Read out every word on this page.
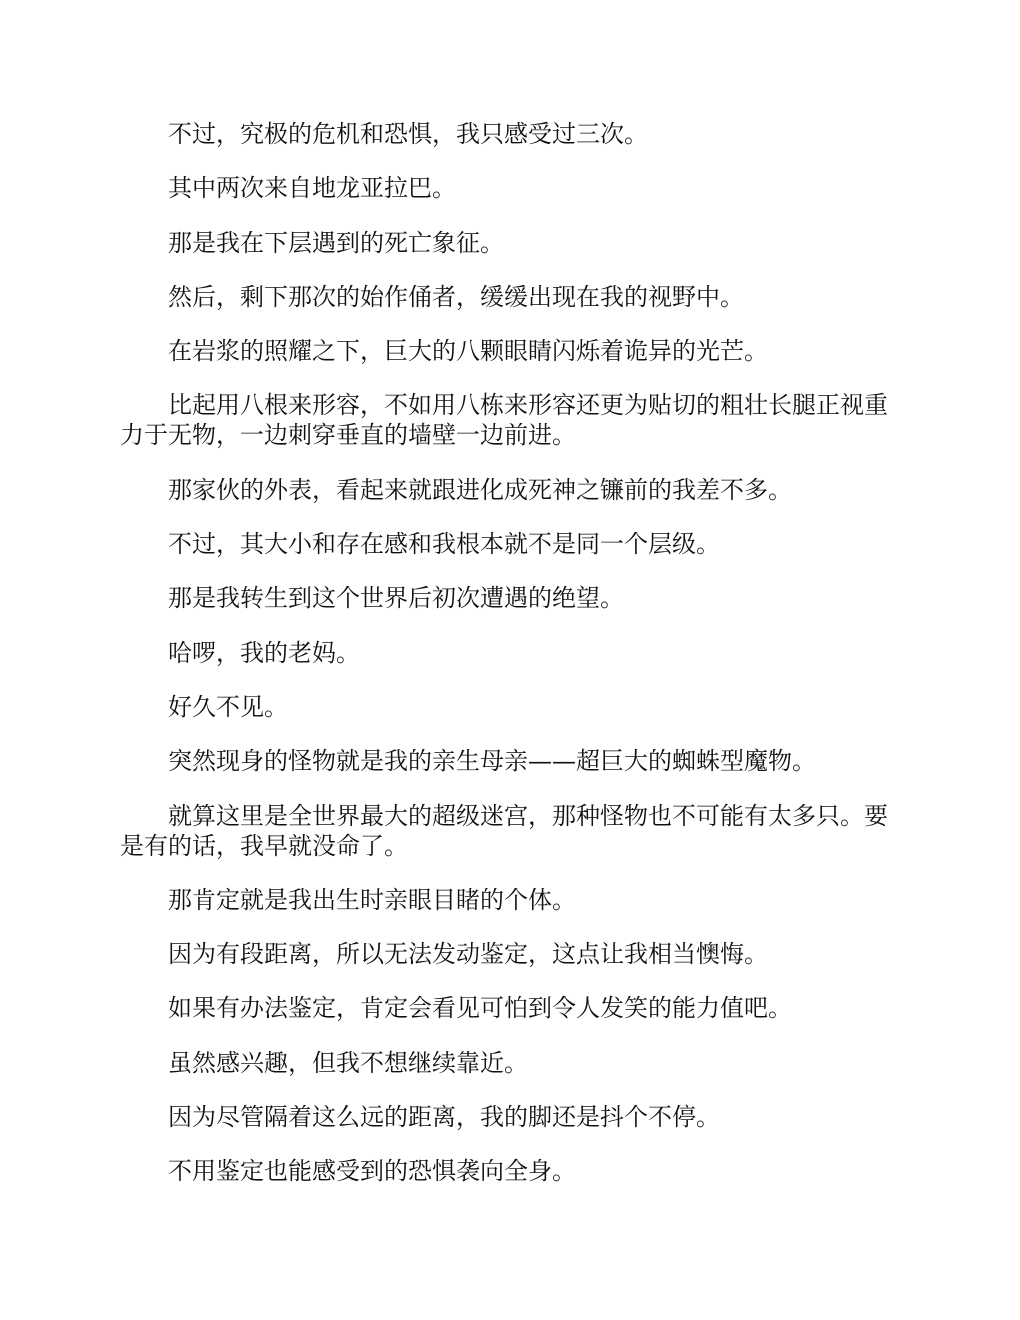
不过，究极的危机和恐惧，我只感受过三次。

其中两次来自地龙亚拉巴。

那是我在下层遇到的死亡象征。

然后，剩下那次的始作俑者，缓缓出现在我的视野中。

在岩浆的照耀之下，巨大的八颗眼睛闪烁着诡异的光芒。

比起用八根来形容，不如用八栋来形容还更为贴切的粗壮长腿正视重力于无物，一边刺穿垂直的墙壁一边前进。

那家伙的外表，看起来就跟进化成死神之镰前的我差不多。

不过，其大小和存在感和我根本就不是同一个层级。

那是我转生到这个世界后初次遭遇的绝望。

哈啰，我的老妈。

好久不见。

突然现身的怪物就是我的亲生母亲——超巨大的蜘蛛型魔物。

就算这里是全世界最大的超级迷宫，那种怪物也不可能有太多只。要是有的话，我早就没命了。

那肯定就是我出生时亲眼目睹的个体。

因为有段距离，所以无法发动鉴定，这点让我相当懊悔。

如果有办法鉴定，肯定会看见可怕到令人发笑的能力值吧。

虽然感兴趣，但我不想继续靠近。

因为尽管隔着这么远的距离，我的脚还是抖个不停。

不用鉴定也能感受到的恐惧袭向全身。
